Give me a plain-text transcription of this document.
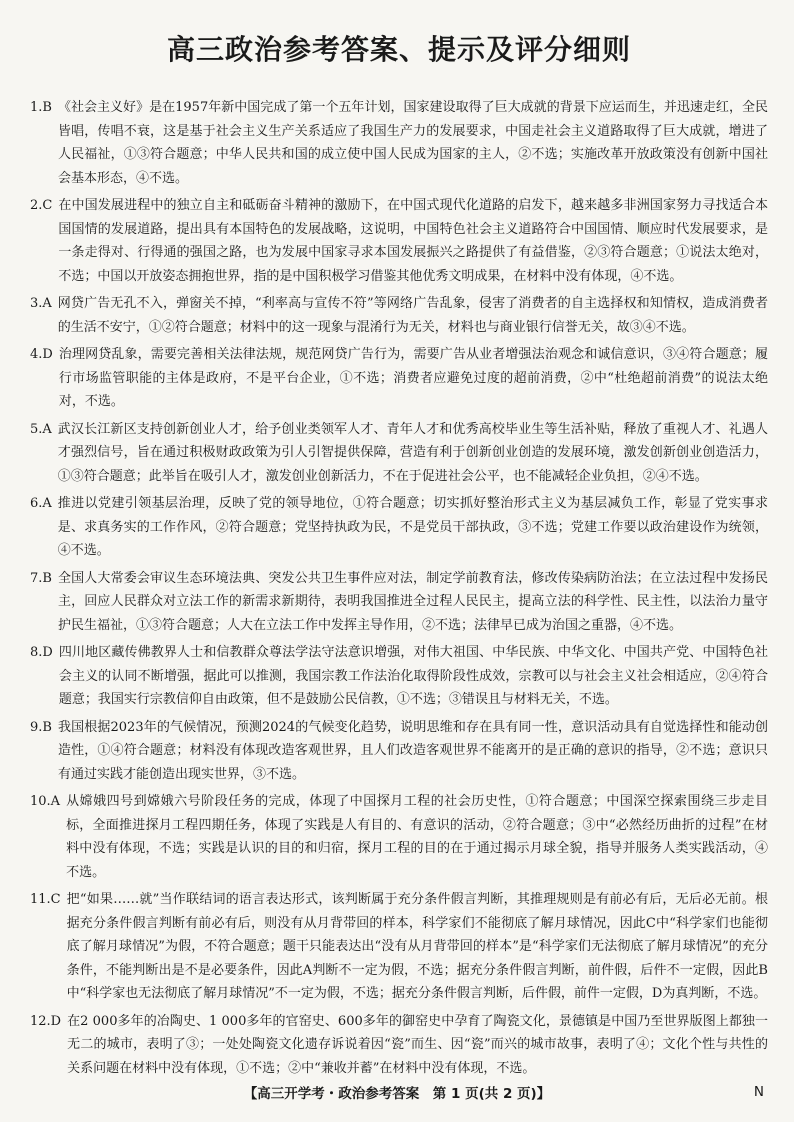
高三政治参考答案、提示及评分细则
1.B 《社会主义好》是在1957年新中国完成了第一个五年计划，国家建设取得了巨大成就的背景下应运而生，并迅速走红，全民皆唱，传唱不衰，这是基于社会主义生产关系适应了我国生产力的发展要求，中国走社会主义道路取得了巨大成就，增进了人民福祉，①③符合题意；中华人民共和国的成立使中国人民成为国家的主人，②不选；实施改革开放政策没有创新中国社会基本形态，④不选。
2.C 在中国发展进程中的独立自主和砥砺奋斗精神的激励下，在中国式现代化道路的启发下，越来越多非洲国家努力寻找适合本国国情的发展道路，提出具有本国特色的发展战略，这说明，中国特色社会主义道路符合中国国情、顺应时代发展要求，是一条走得对、行得通的强国之路，也为发展中国家寻求本国发展振兴之路提供了有益借鉴，②③符合题意；①说法太绝对，不选；中国以开放姿态拥抱世界，指的是中国积极学习借鉴其他优秀文明成果，在材料中没有体现，④不选。
3.A 网贷广告无孔不入，弹窗关不掉，“利率高与宣传不符”等网络广告乱象，侵害了消费者的自主选择权和知情权，造成消费者的生活不安宁，①②符合题意；材料中的这一现象与混淆行为无关，材料也与商业银行信誉无关，故③④不选。
4.D 治理网贷乱象，需要完善相关法律法规，规范网贷广告行为，需要广告从业者增强法治观念和诚信意识，③④符合题意；履行市场监管职能的主体是政府，不是平台企业，①不选；消费者应避免过度的超前消费，②中“杜绝超前消费”的说法太绝对，不选。
5.A 武汉长江新区支持创新创业人才，给予创业类领军人才、青年人才和优秀高校毕业生等生活补贴，释放了重视人才、礼遇人才强烈信号，旨在通过积极财政政策为引人引智提供保障，营造有利于创新创业创造的发展环境，激发创新创业创造活力，①③符合题意；此举旨在吸引人才，激发创业创新活力，不在于促进社会公平，也不能减轻企业负担，②④不选。
6.A 推进以党建引领基层治理，反映了党的领导地位，①符合题意；切实抓好整治形式主义为基层减负工作，彰显了党实事求是、求真务实的工作作风，②符合题意；党坚持执政为民，不是党员干部执政，③不选；党建工作要以政治建设作为统领，④不选。
7.B 全国人大常委会审议生态环境法典、突发公共卫生事件应对法，制定学前教育法，修改传染病防治法；在立法过程中发扬民主，回应人民群众对立法工作的新需求新期待，表明我国推进全过程人民民主，提高立法的科学性、民主性，以法治力量守护民生福祉，①③符合题意；人大在立法工作中发挥主导作用，②不选；法律早已成为治国之重器，④不选。
8.D 四川地区藏传佛教界人士和信教群众尊法学法守法意识增强，对伟大祖国、中华民族、中华文化、中国共产党、中国特色社会主义的认同不断增强，据此可以推测，我国宗教工作法治化取得阶段性成效，宗教可以与社会主义社会相适应，②④符合题意；我国实行宗教信仰自由政策，但不是鼓励公民信教，①不选；③错误且与材料无关，不选。
9.B 我国根据2023年的气候情况，预测2024的气候变化趋势，说明思维和存在具有同一性，意识活动具有自觉选择性和能动创造性，①④符合题意；材料没有体现改造客观世界，且人们改造客观世界不能离开的是正确的意识的指导，②不选；意识只有通过实践才能创造出现实世界，③不选。
10.A 从嫦娥四号到嫦娥六号阶段任务的完成，体现了中国探月工程的社会历史性，①符合题意；中国深空探索围绕三步走目标，全面推进探月工程四期任务，体现了实践是人有目的、有意识的活动，②符合题意；③中“必然经历曲折的过程”在材料中没有体现，不选；实践是认识的目的和归宿，探月工程的目的在于通过揭示月球全貌，指导并服务人类实践活动，④不选。
11.C 把“如果……就”当作联结词的语言表达形式，该判断属于充分条件假言判断，其推理规则是有前必有后，无后必无前。根据充分条件假言判断有前必有后，则没有从月背带回的样本，科学家们不能彻底了解月球情况，因此C中“科学家们也能彻底了解月球情况”为假，不符合题意；题干只能表达出“没有从月背带回的样本”是“科学家们无法彻底了解月球情况”的充分条件，不能判断出是不是必要条件，因此A判断不一定为假，不选；据充分条件假言判断，前件假，后件不一定假，因此B中“科学家也无法彻底了解月球情况”不一定为假，不选；据充分条件假言判断，后件假，前件一定假，D为真判断，不选。
12.D 在2 000多年的冶陶史、1 000多年的官窑史、600多年的御窑史中孕育了陶瓷文化，景德镇是中国乃至世界版图上都独一无二的城市，表明了③；一处处陶瓷文化遗存诉说着因“瓷”而生、因“瓷”而兴的城市故事，表明了④；文化个性与共性的关系问题在材料中没有体现，①不选；②中“兼收并蓄”在材料中没有体现，不选。
【高三开学考・政治参考答案　第 1 页(共 2 页)】	N
